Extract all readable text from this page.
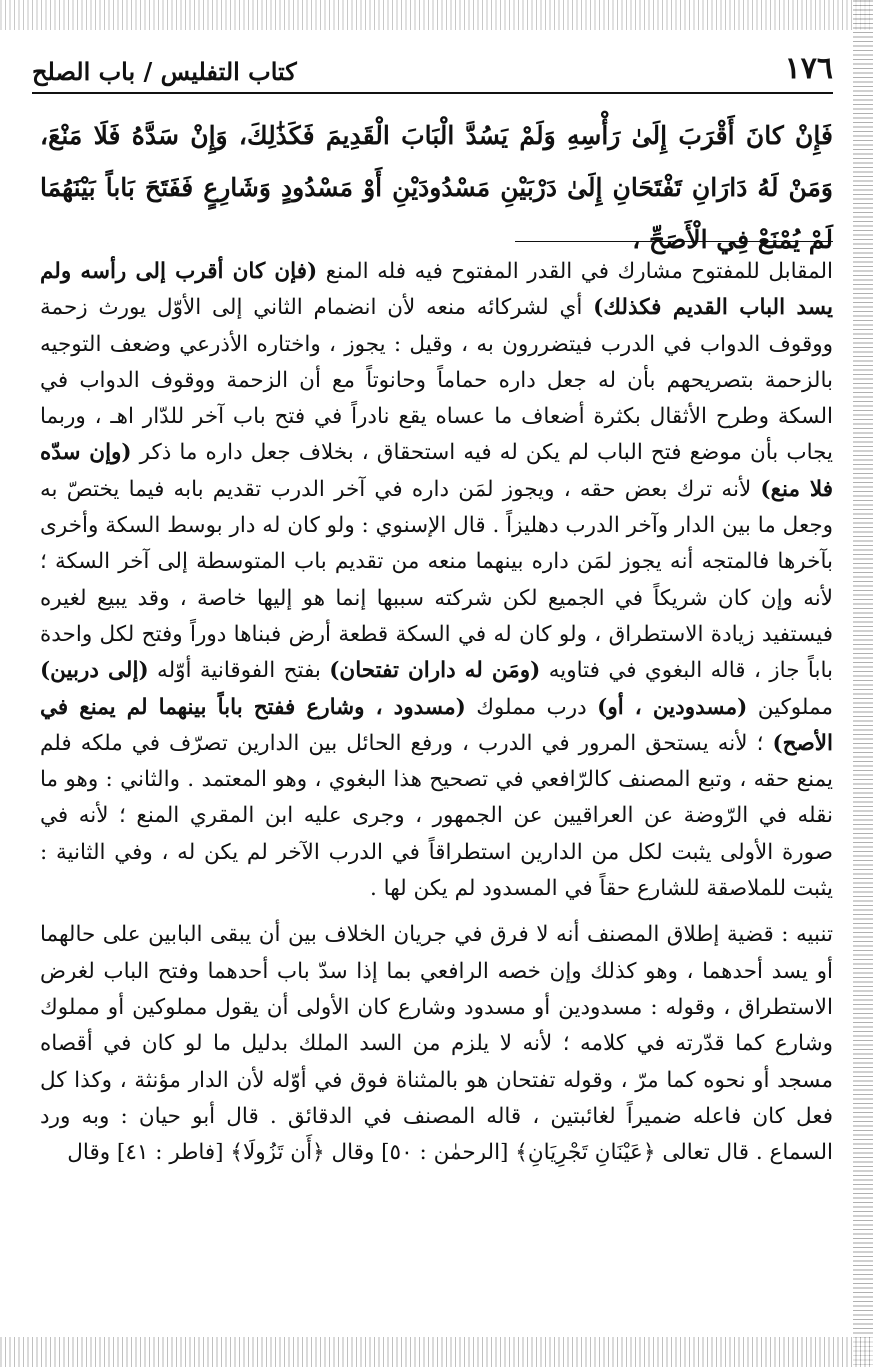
١٧٦
كتاب التفليس / باب الصلح
فَإِنْ كانَ أَقْرَبَ إِلَىٰ رَأْسِهِ وَلَمْ يَسُدَّ الْبَابَ الْقَدِيمَ فَكَذَٰلِكَ، وَإِنْ سَدَّهُ فَلَا مَنْعَ، وَمَنْ لَهُ دَارَانِ تَفْتَحَانِ إِلَىٰ دَرْبَيْنِ مَسْدُودَيْنِ أَوْ مَسْدُودٍ وَشَارِعٍ فَفَتَحَ بَاباً بَيْنَهُمَا لَمْ يُمْنَعْ فِي الْأَصَحِّ ،

المقابل للمفتوح مشارك في القدر المفتوح فيه فله المنع (فإن كان أقرب إلى رأسه ولم يسد الباب القديم فكذلك) أي لشركائه منعه لأن انضمام الثاني إلى الأوّل يورث زحمة ووقوف الدواب في الدرب فيتضررون به ، وقيل : يجوز ، واختاره الأذرعي وضعف التوجيه بالزحمة بتصريحهم بأن له جعل داره حماماً وحانوتاً مع أن الزحمة ووقوف الدواب في السكة وطرح الأثقال بكثرة أضعاف ما عساه يقع نادراً في فتح باب آخر للدّار اهـ ، وربما يجاب بأن موضع فتح الباب لم يكن له فيه استحقاق ، بخلاف جعل داره ما ذكر (وإن سدّه فلا منع) لأنه ترك بعض حقه ، ويجوز لمَن داره في آخر الدرب تقديم بابه فيما يختصّ به وجعل ما بين الدار وآخر الدرب دهليزاً . قال الإسنوي : ولو كان له دار بوسط السكة وأخرى بآخرها فالمتجه أنه يجوز لمَن داره بينهما منعه من تقديم باب المتوسطة إلى آخر السكة ؛ لأنه وإن كان شريكاً في الجميع لكن شركته سببها إنما هو إليها خاصة ، وقد يبيع لغيره فيستفيد زيادة الاستطراق ، ولو كان له في السكة قطعة أرض فبناها دوراً وفتح لكل واحدة باباً جاز ، قاله البغوي في فتاويه (ومَن له داران تفتحان) بفتح الفوقانية أوّله (إلى دربين) مملوكين (مسدودين ، أو) درب مملوك (مسدود ، وشارع ففتح باباً بينهما لم يمنع في الأصح) ؛ لأنه يستحق المرور في الدرب ، ورفع الحائل بين الدارين تصرّف في ملكه فلم يمنع حقه ، وتبع المصنف كالرّافعي في تصحيح هذا البغوي ، وهو المعتمد . والثاني : وهو ما نقله في الرّوضة عن العراقيين عن الجمهور ، وجرى عليه ابن المقري المنع ؛ لأنه في صورة الأولى يثبت لكل من الدارين استطراقاً في الدرب الآخر لم يكن له ، وفي الثانية : يثبت للملاصقة للشارع حقاً في المسدود لم يكن لها .

تنبيه : قضية إطلاق المصنف أنه لا فرق في جريان الخلاف بين أن يبقى البابين على حالهما أو يسد أحدهما ، وهو كذلك وإن خصه الرافعي بما إذا سدّ باب أحدهما وفتح الباب لغرض الاستطراق ، وقوله : مسدودين أو مسدود وشارع كان الأولى أن يقول مملوكين أو مملوك وشارع كما قدّرته في كلامه ؛ لأنه لا يلزم من السد الملك بدليل ما لو كان في أقصاه مسجد أو نحوه كما مرّ ، وقوله تفتحان هو بالمثناة فوق في أوّله لأن الدار مؤنثة ، وكذا كل فعل كان فاعله ضميراً لغائبتين ، قاله المصنف في الدقائق . قال أبو حيان : وبه ورد السماع . قال تعالى ﴿عَيْنَانِ تَجْرِيَانِ﴾ [الرحمٰن : ٥٠] وقال ﴿أَن تَزُولَا﴾ [فاطر : ٤١] وقال
